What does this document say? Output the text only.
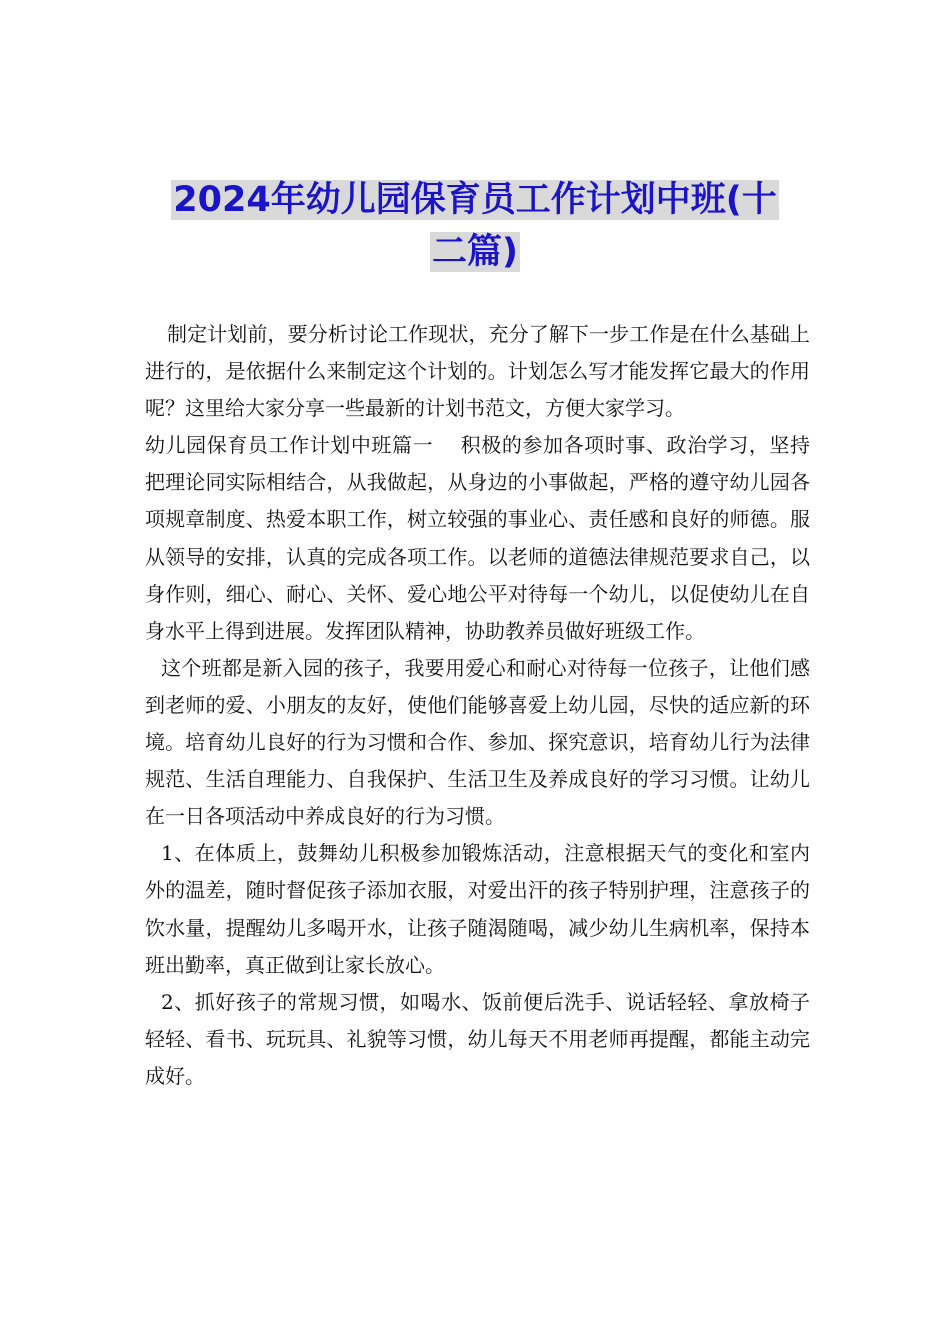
2024年幼儿园保育员工作计划中班(十
二篇)

制定计划前，要分析讨论工作现状，充分了解下一步工作是在什么基础上进行的，是依据什么来制定这个计划的。计划怎么写才能发挥它最大的作用呢？这里给大家分享一些最新的计划书范文，方便大家学习。

幼儿园保育员工作计划中班篇一　 积极的参加各项时事、政治学习，坚持把理论同实际相结合，从我做起，从身边的小事做起，严格的遵守幼儿园各项规章制度、热爱本职工作，树立较强的事业心、责任感和良好的师德。服从领导的安排，认真的完成各项工作。以老师的道德法律规范要求自己，以身作则，细心、耐心、关怀、爱心地公平对待每一个幼儿，以促使幼儿在自身水平上得到进展。发挥团队精神，协助教养员做好班级工作。

这个班都是新入园的孩子，我要用爱心和耐心对待每一位孩子，让他们感到老师的爱、小朋友的友好，使他们能够喜爱上幼儿园，尽快的适应新的环境。培育幼儿良好的行为习惯和合作、参加、探究意识，培育幼儿行为法律规范、生活自理能力、自我保护、生活卫生及养成良好的学习习惯。让幼儿在一日各项活动中养成良好的行为习惯。

1、在体质上，鼓舞幼儿积极参加锻炼活动，注意根据天气的变化和室内外的温差，随时督促孩子添加衣服，对爱出汗的孩子特别护理，注意孩子的饮水量，提醒幼儿多喝开水，让孩子随渴随喝，减少幼儿生病机率，保持本班出勤率，真正做到让家长放心。

2、抓好孩子的常规习惯，如喝水、饭前便后洗手、说话轻轻、拿放椅子轻轻、看书、玩玩具、礼貌等习惯，幼儿每天不用老师再提醒，都能主动完成好。
